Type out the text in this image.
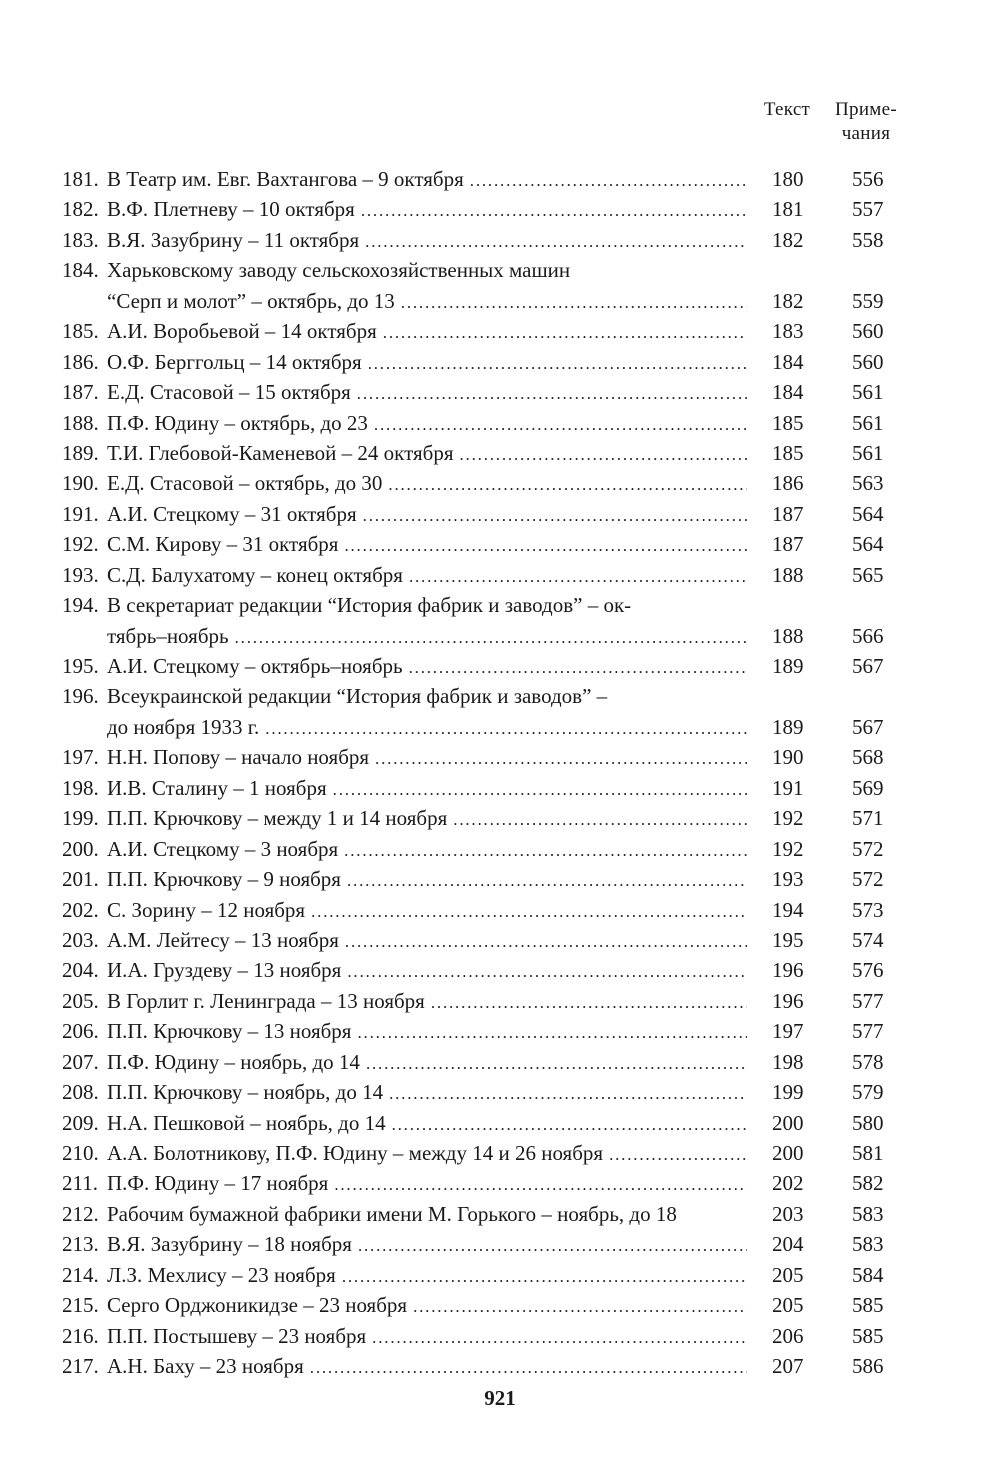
Текст	Приме-
чания
181. В Театр им. Евг. Вахтангова – 9 октября .....	180	556
182. В.Ф. Плетневу – 10 октября .....	181	557
183. В.Я. Зазубрину – 11 октября .....	182	558
184. Харьковскому заводу сельскохозяйственных машин
“Серп и молот” – октябрь, до 13 .....	182	559
185. А.И. Воробьевой – 14 октября .....	183	560
186. О.Ф. Берггольц – 14 октября .....	184	560
187. Е.Д. Стасовой – 15 октября .....	184	561
188. П.Ф. Юдину – октябрь, до 23 .....	185	561
189. Т.И. Глебовой-Каменевой – 24 октября .....	185	561
190. Е.Д. Стасовой – октябрь, до 30 .....	186	563
191. А.И. Стецкому – 31 октября .....	187	564
192. С.М. Кирову – 31 октября .....	187	564
193. С.Д. Балухатому – конец октября .....	188	565
194. В секретариат редакции “История фабрик и заводов” – ок-
тябрь–ноябрь .....	188	566
195. А.И. Стецкому – октябрь–ноябрь .....	189	567
196. Всеукраинской редакции “История фабрик и заводов” –
до ноября 1933 г. .....	189	567
197. Н.Н. Попову – начало ноября .....	190	568
198. И.В. Сталину – 1 ноября .....	191	569
199. П.П. Крючкову – между 1 и 14 ноября .....	192	571
200. А.И. Стецкому – 3 ноября .....	192	572
201. П.П. Крючкову – 9 ноября .....	193	572
202. С. Зорину – 12 ноября .....	194	573
203. А.М. Лейтесу – 13 ноября .....	195	574
204. И.А. Груздеву – 13 ноября .....	196	576
205. В Горлит г. Ленинграда – 13 ноября .....	196	577
206. П.П. Крючкову – 13 ноября .....	197	577
207. П.Ф. Юдину – ноябрь, до 14 .....	198	578
208. П.П. Крючкову – ноябрь, до 14 .....	199	579
209. Н.А. Пешковой – ноябрь, до 14 .....	200	580
210. А.А. Болотникову, П.Ф. Юдину – между 14 и 26 ноября .....	200	581
211. П.Ф. Юдину – 17 ноября .....	202	582
212. Рабочим бумажной фабрики имени М. Горького – ноябрь, до 18	203	583
213. В.Я. Зазубрину – 18 ноября .....	204	583
214. Л.З. Мехлису – 23 ноября .....	205	584
215. Серго Орджоникидзе – 23 ноября .....	205	585
216. П.П. Постышеву – 23 ноября .....	206	585
217. А.Н. Баху – 23 ноября .....	207	586
921
